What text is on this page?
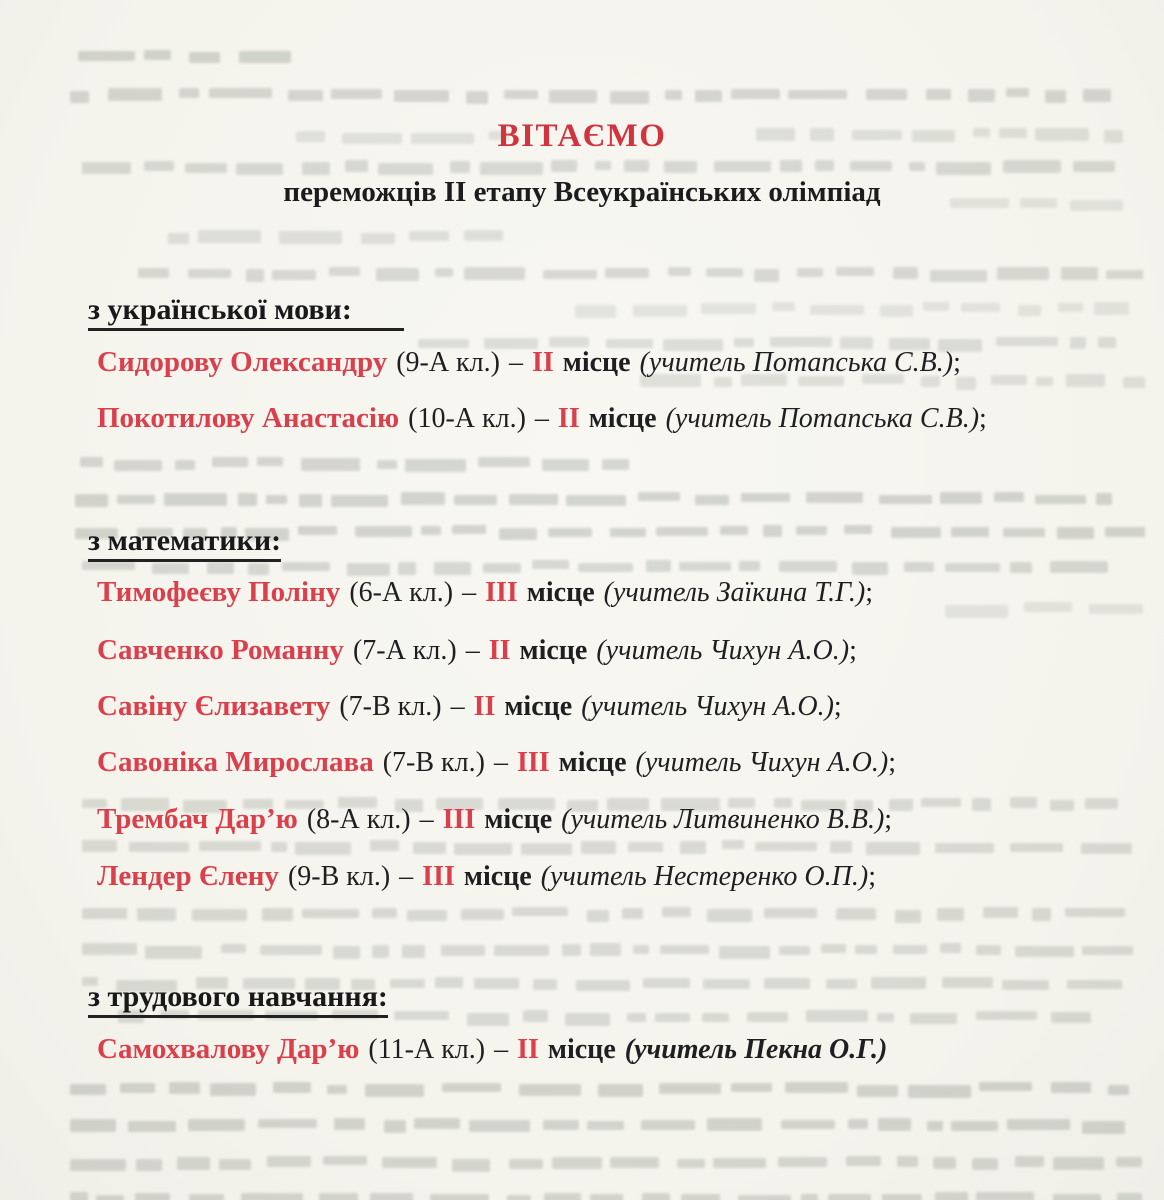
ВІТАЄМО
переможців ІІ етапу Всеукраїнських олімпіад
з української мови:
Сидорову Олександру (9-А кл.) – ІІ місце (учитель Потапська С.В.);
Покотилову Анастасію (10-А кл.) – ІІ місце (учитель Потапська С.В.);
з математики:
Тимофеєву Поліну (6-А кл.) – ІІІ місце (учитель Заїкина Т.Г.);
Савченко Романну (7-А кл.) – ІІ місце (учитель Чихун А.О.);
Савіну Єлизавету (7-В кл.) – ІІ місце (учитель Чихун А.О.);
Савоніка Мирослава (7-В кл.) – ІІІ місце (учитель Чихун А.О.);
Трембач Дар’ю (8-А кл.) – ІІІ місце (учитель Литвиненко В.В.);
Лендер Єлену (9-В кл.) – ІІІ місце (учитель Нестеренко О.П.);
з трудового навчання:
Самохвалову Дар’ю (11-А кл.) – ІІ місце (учитель Пекна О.Г.)
